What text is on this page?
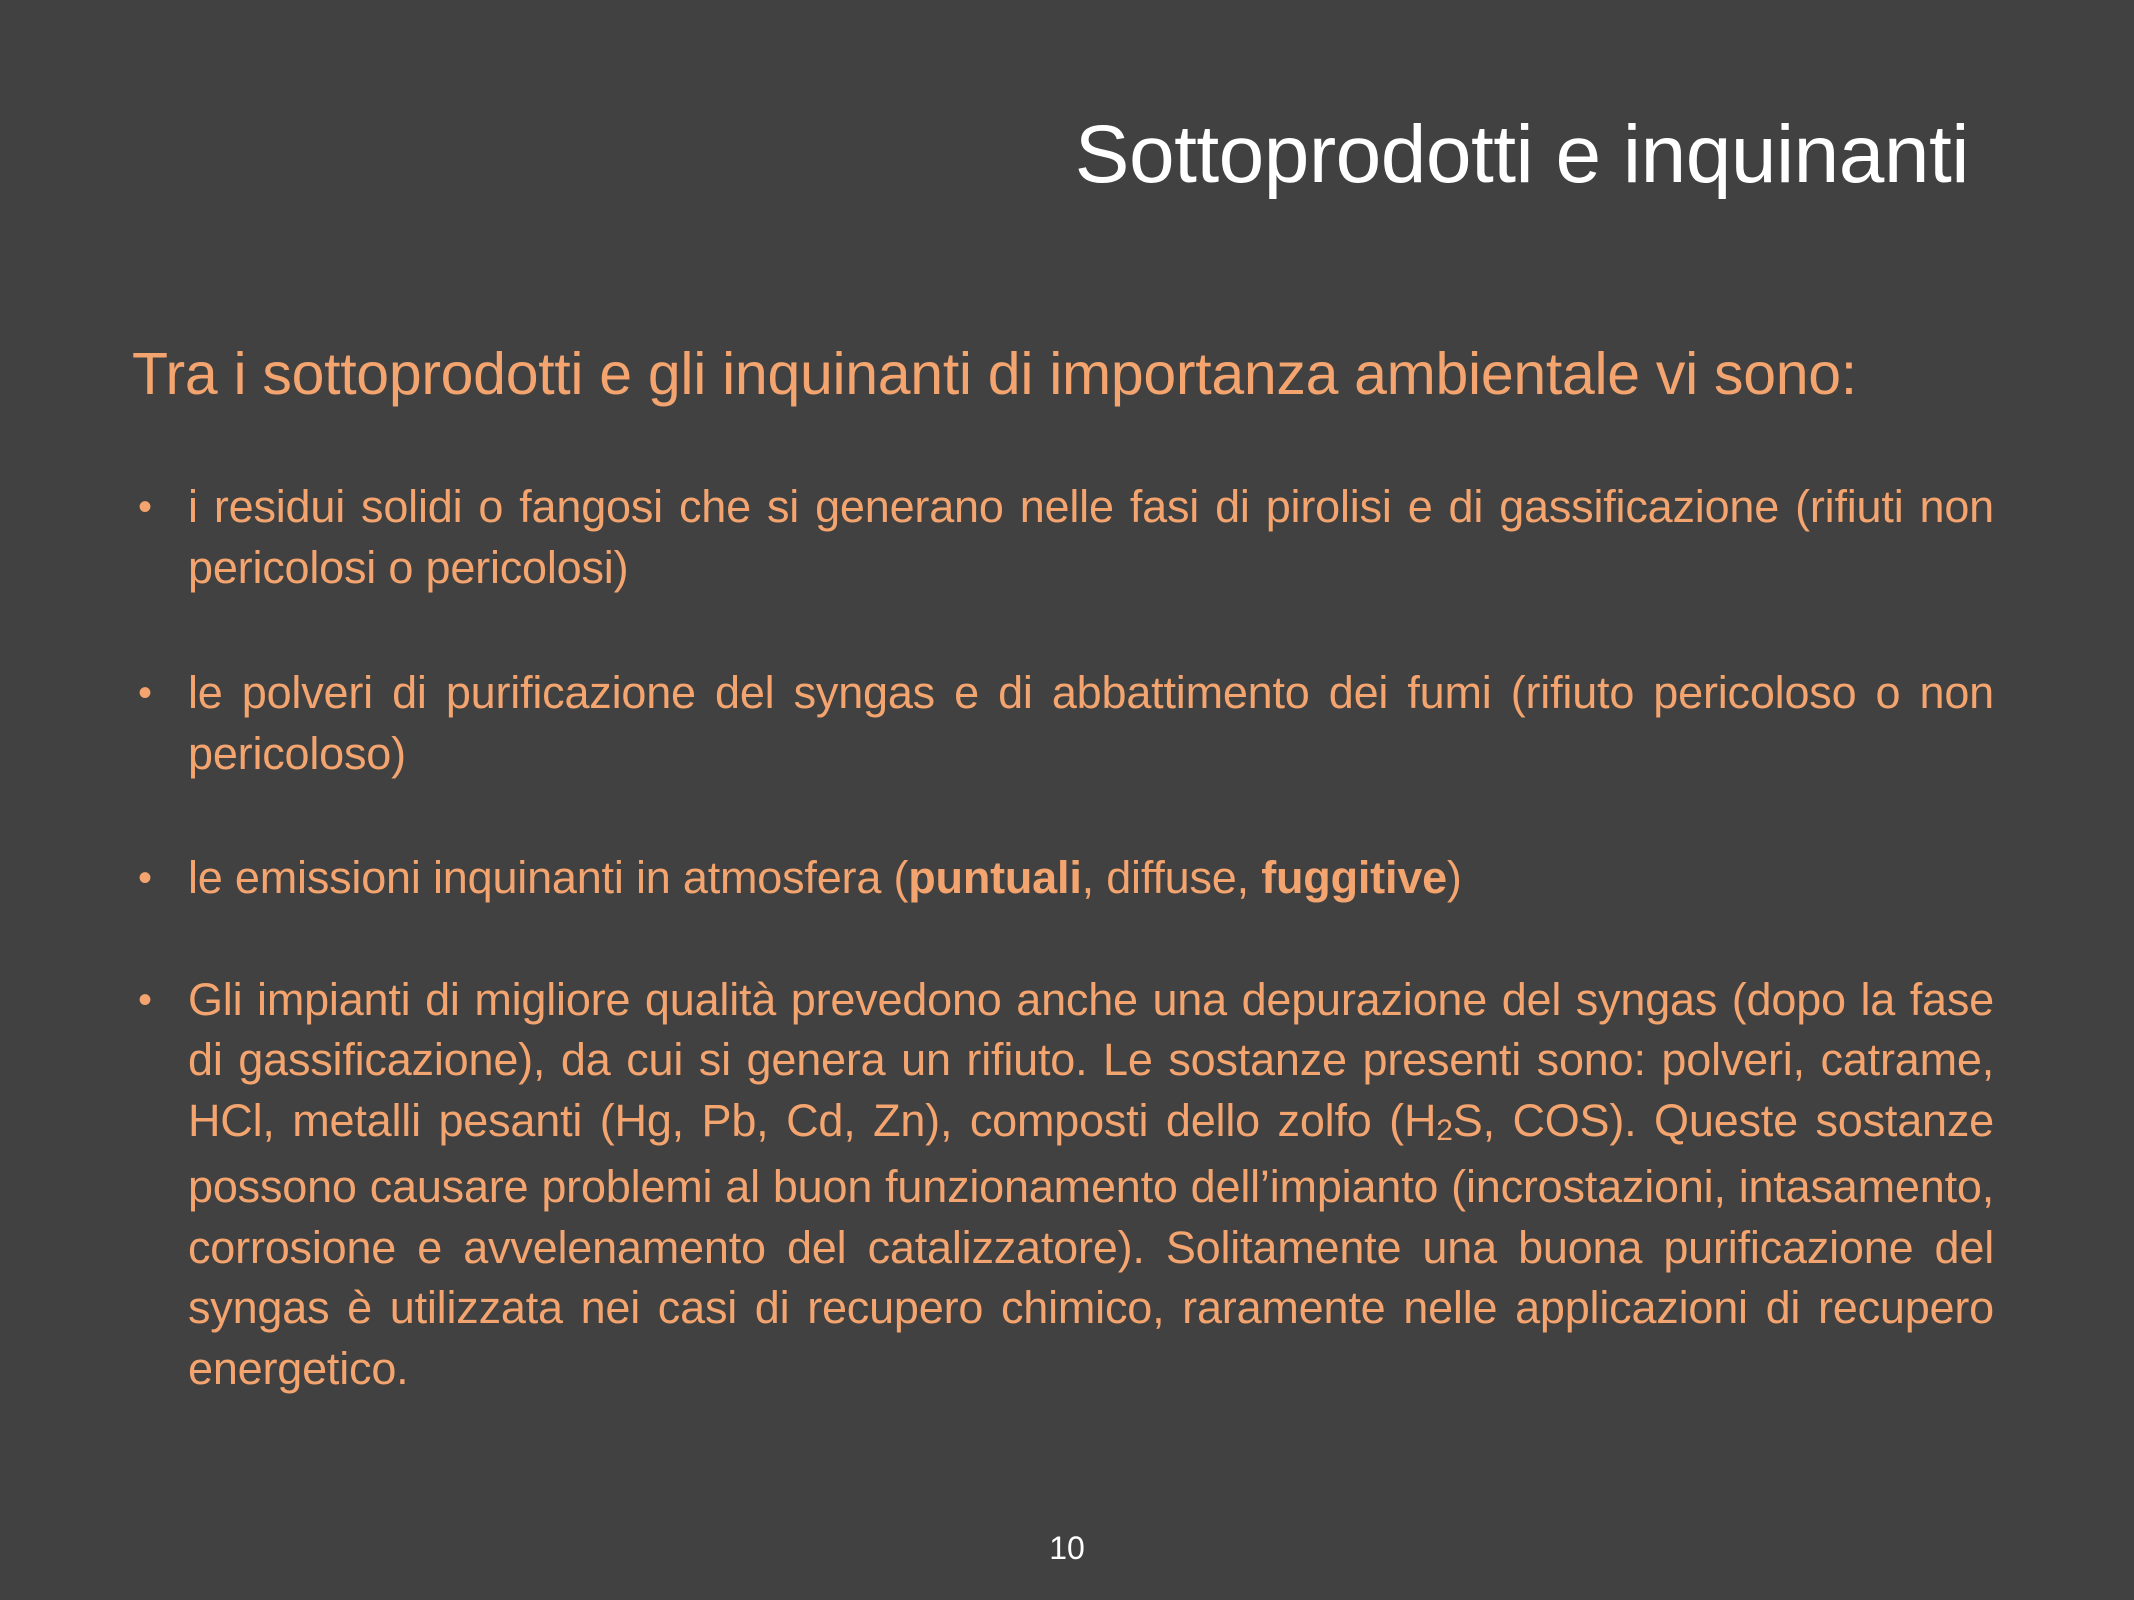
Sottoprodotti e inquinanti

Tra i sottoprodotti e gli inquinanti di importanza ambientale vi sono:

• i residui solidi o fangosi che si generano nelle fasi di pirolisi e di gassificazione (rifiuti non pericolosi o pericolosi)
• le polveri di purificazione del syngas e di abbattimento dei fumi (rifiuto pericoloso o non pericoloso)
• le emissioni inquinanti in atmosfera (puntuali, diffuse, fuggitive)
• Gli impianti di migliore qualità prevedono anche una depurazione del syngas (dopo la fase di gassificazione), da cui si genera un rifiuto. Le sostanze presenti sono: polveri, catrame, HCl, metalli pesanti (Hg, Pb, Cd, Zn), composti dello zolfo (H2S, COS). Queste sostanze possono causare problemi al buon funzionamento dell’impianto (incrostazioni, intasamento, corrosione e avvelenamento del catalizzatore). Solitamente una buona purificazione del syngas è utilizzata nei casi di recupero chimico, raramente nelle applicazioni di recupero energetico.
10
